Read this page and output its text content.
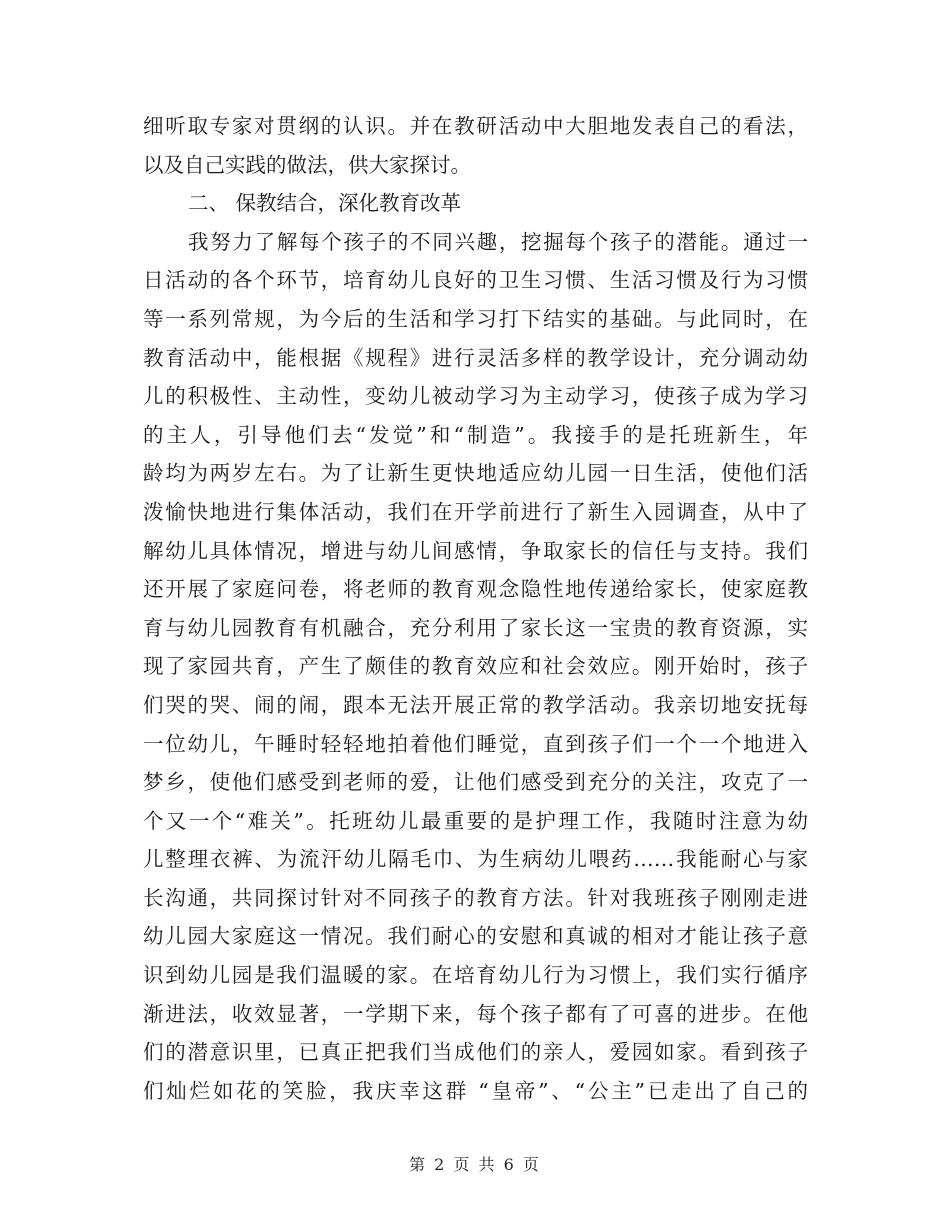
细听取专家对贯纲的认识。并在教研活动中大胆地发表自己的看法，
以及自己实践的做法，供大家探讨。
二、 保教结合，深化教育改革
我努力了解每个孩子的不同兴趣，挖掘每个孩子的潜能。通过一
日活动的各个环节，培育幼儿良好的卫生习惯、生活习惯及行为习惯
等一系列常规，为今后的生活和学习打下结实的基础。与此同时，在
教育活动中，能根据《规程》进行灵活多样的教学设计，充分调动幼
儿的积极性、主动性，变幼儿被动学习为主动学习，使孩子成为学习
的主人，引导他们去“发觉”和“制造”。我接手的是托班新生，年
龄均为两岁左右。为了让新生更快地适应幼儿园一日生活，使他们活
泼愉快地进行集体活动，我们在开学前进行了新生入园调查，从中了
解幼儿具体情况，增进与幼儿间感情，争取家长的信任与支持。我们
还开展了家庭问卷，将老师的教育观念隐性地传递给家长，使家庭教
育与幼儿园教育有机融合，充分利用了家长这一宝贵的教育资源，实
现了家园共育，产生了颇佳的教育效应和社会效应。刚开始时，孩子
们哭的哭、闹的闹，跟本无法开展正常的教学活动。我亲切地安抚每
一位幼儿，午睡时轻轻地拍着他们睡觉，直到孩子们一个一个地进入
梦乡，使他们感受到老师的爱，让他们感受到充分的关注，攻克了一
个又一个“难关”。托班幼儿最重要的是护理工作，我随时注意为幼
儿整理衣裤、为流汗幼儿隔毛巾、为生病幼儿喂药……我能耐心与家
长沟通，共同探讨针对不同孩子的教育方法。针对我班孩子刚刚走进
幼儿园大家庭这一情况。我们耐心的安慰和真诚的相对才能让孩子意
识到幼儿园是我们温暖的家。在培育幼儿行为习惯上，我们实行循序
渐进法，收效显著，一学期下来，每个孩子都有了可喜的进步。在他
们的潜意识里，已真正把我们当成他们的亲人，爱园如家。看到孩子
们灿烂如花的笑脸，我庆幸这群 “皇帝”、“公主”已走出了自己的
第 2 页 共 6 页
